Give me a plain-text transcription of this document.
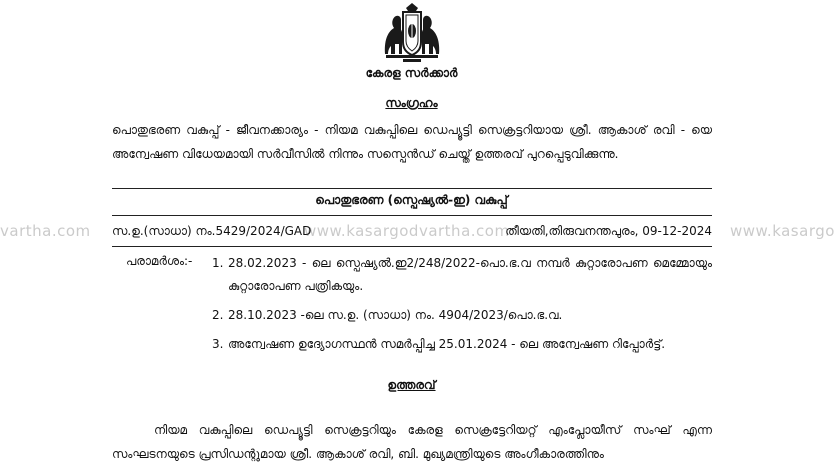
കേരള സർക്കാർ
സംഗ്രഹം
പൊതുഭരണ വകുപ്പ് - ജീവനക്കാര്യം - നിയമ വകുപ്പിലെ ഡെപ്യൂട്ടി സെക്രട്ടറിയായ ശ്രീ. ആകാശ് രവി - യെ അന്വേഷണ വിധേയമായി സർവീസിൽ നിന്നും സസ്പെൻഡ് ചെയ്ത് ഉത്തരവ് പുറപ്പെടുവിക്കുന്നു.
പൊതുഭരണ (സ്പെഷ്യൽ-ഇ) വകുപ്പ്
vartha.com	www.kasargodvartha.com	www.kasargo
സ.ഉ.(സാധാ) നം.5429/2024/GAD	തീയതി,തിരുവനന്തപുരം, 09-12-2024
പരാമർശം:- 1. 28.02.2023 - ലെ സ്പെഷ്യൽ.ഇ2/248/2022-പൊ.ഭ.വ നമ്പർ കുറ്റാരോപണ മെമ്മോയും കുറ്റാരോപണ പത്രികയും.
2. 28.10.2023 -ലെ സ.ഉ. (സാധാ) നം. 4904/2023/പൊ.ഭ.വ.
3. അന്വേഷണ ഉദ്യോഗസ്ഥൻ സമർപ്പിച്ച 25.01.2024 - ലെ അന്വേഷണ റിപ്പോർട്ട്.
ഉത്തരവ്
നിയമ വകുപ്പിലെ ഡെപ്യൂട്ടി സെക്രട്ടറിയും കേരള സെക്രട്ടേറിയറ്റ് എംപ്ലോയീസ് സംഘ് എന്ന സംഘടനയുടെ പ്രസിഡന്റുമായ ശ്രീ. ആകാശ് രവി, ബി. മുഖ്യമന്ത്രിയുടെ അംഗീകാരത്തിനും
